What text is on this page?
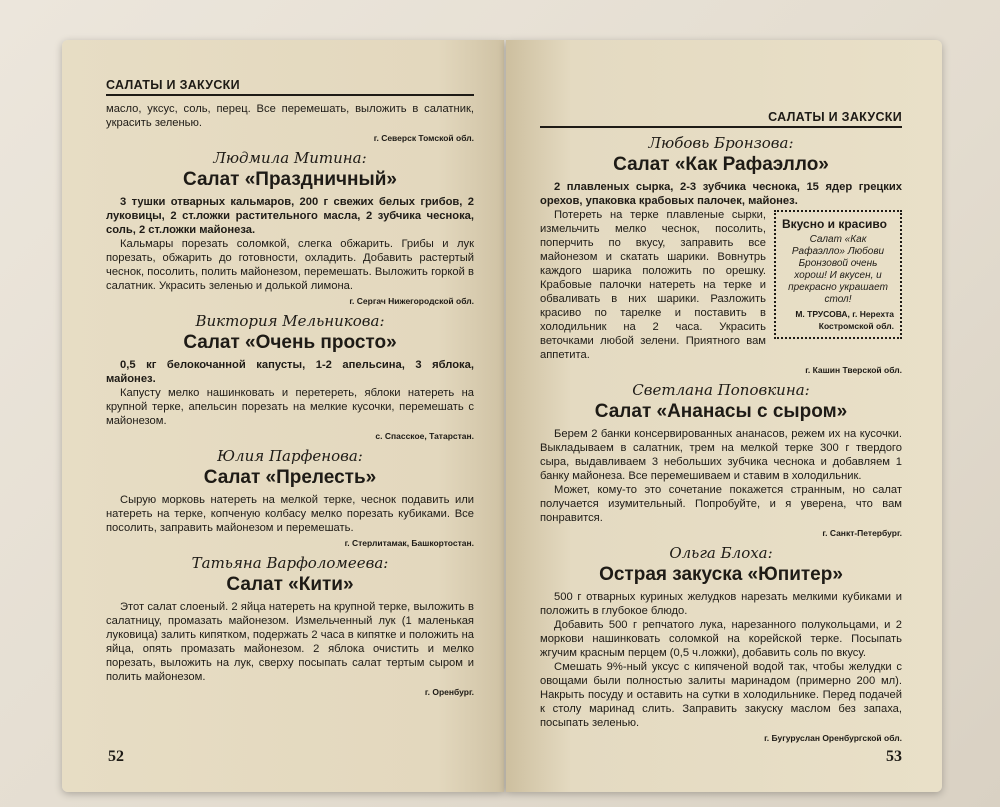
САЛАТЫ И ЗАКУСКИ

масло, уксус, соль, перец. Все перемешать, выложить в салатник, украсить зеленью.

г. Северск Томской обл.
Людмила Митина:
Салат «Праздничный»

3 тушки отварных кальмаров, 200 г свежих белых грибов, 2 луковицы, 2 ст.ложки растительного масла, 2 зубчика чеснока, соль, 2 ст.ложки майонеза.

Кальмары порезать соломкой, слегка обжарить. Грибы и лук порезать, обжарить до готовности, охладить. Добавить растертый чеснок, посолить, полить майонезом, перемешать. Выложить горкой в салатник. Украсить зеленью и долькой лимона.

г. Сергач Нижегородской обл.
Виктория Мельникова:
Салат «Очень просто»

0,5 кг белокочанной капусты, 1-2 апельсина, 3 яблока, майонез.

Капусту мелко нашинковать и перетереть, яблоки натереть на крупной терке, апельсин порезать на мелкие кусочки, перемешать с майонезом.

с. Спасское, Татарстан.
Юлия Парфенова:
Салат «Прелесть»

Сырую морковь натереть на мелкой терке, чеснок подавить или натереть на терке, копченую колбасу мелко порезать кубиками. Все посолить, заправить майонезом и перемешать.

г. Стерлитамак, Башкортостан.
Татьяна Варфоломеева:
Салат «Кити»

Этот салат слоеный. 2 яйца натереть на крупной терке, выложить в салатницу, промазать майонезом. Измельченный лук (1 маленькая луковица) залить кипятком, подержать 2 часа в кипятке и положить на яйца, опять промазать майонезом. 2 яблока очистить и мелко порезать, выложить на лук, сверху посыпать салат тертым сыром и полить майонезом.

г. Оренбург.
52
САЛАТЫ И ЗАКУСКИ
Любовь Бронзова:
Салат «Как Рафаэлло»

2 плавленых сырка, 2-3 зубчика чеснока, 15 ядер грецких орехов, упаковка крабовых палочек, майонез.

Вкусно и красиво
Салат «Как Рафаэлло» Любови Бронзовой очень хорош! И вкусен, и прекрасно украшает стол!
М. ТРУСОВА, г. Нерехта Костромской обл.

Потереть на терке плавленые сырки, измельчить мелко чеснок, посолить, поперчить по вкусу, заправить все майонезом и скатать шарики. Вовнутрь каждого шарика положить по орешку. Крабовые палочки натереть на терке и обваливать в них шарики. Разложить красиво по тарелке и поставить в холодильник на 2 часа. Украсить веточками любой зелени. Приятного вам аппетита.

г. Кашин Тверской обл.
Светлана Поповкина:
Салат «Ананасы с сыром»

Берем 2 банки консервированных ананасов, режем их на кусочки. Выкладываем в салатник, трем на мелкой терке 300 г твердого сыра, выдавливаем 3 небольших зубчика чеснока и добавляем 1 банку майонеза. Все перемешиваем и ставим в холодильник.

Может, кому-то это сочетание покажется странным, но салат получается изумительный. Попробуйте, и я уверена, что вам понравится.

г. Санкт-Петербург.
Ольга Блоха:
Острая закуска «Юпитер»

500 г отварных куриных желудков нарезать мелкими кубиками и положить в глубокое блюдо.

Добавить 500 г репчатого лука, нарезанного полукольцами, и 2 моркови нашинковать соломкой на корейской терке. Посыпать жгучим красным перцем (0,5 ч.ложки), добавить соль по вкусу.

Смешать 9%-ный уксус с кипяченой водой так, чтобы желудки с овощами были полностью залиты маринадом (примерно 200 мл). Накрыть посуду и оставить на сутки в холодильнике. Перед подачей к столу маринад слить. Заправить закуску маслом без запаха, посыпать зеленью.

г. Бугуруслан Оренбургской обл.
53
